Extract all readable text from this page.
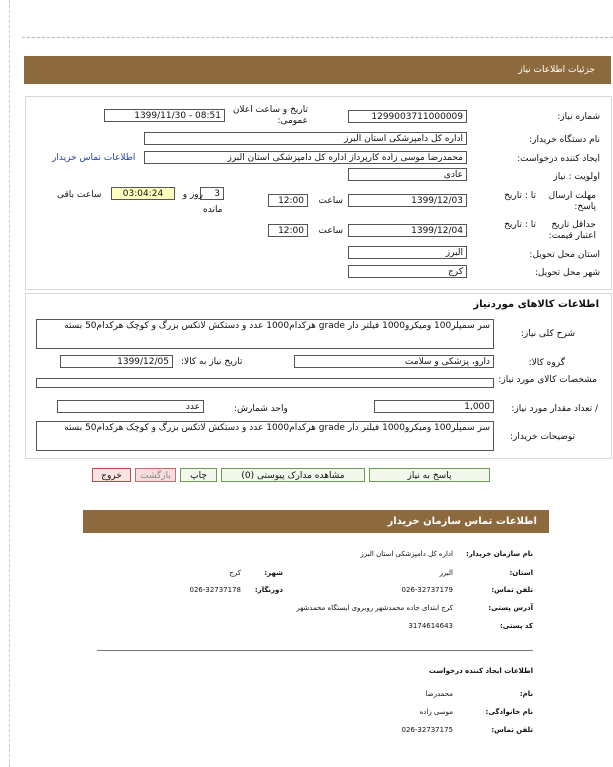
جزئیات اطلاعات نیاز
شماره نیاز:
1299003711000009
تاریخ و ساعت اعلان عمومی:
1399/11/30 - 08:51
نام دستگاه خریدار:
اداره کل دامپزشکی استان البرز
ایجاد کننده درخواست:
محمدرضا موسی زاده کارپرداز اداره کل دامپزشکی استان البرز
اطلاعات تماس خریدار
اولویت : نیاز
عادی
مهلت ارسال پاسخ:
تا : تاریخ
1399/12/03
ساعت
12:00
3
روز و
مانده
03:04:24
ساعت باقی
حداقل تاریخ اعتبار قیمت:
تا : تاریخ
1399/12/04
ساعت
12:00
استان محل تحویل:
البرز
شهر محل تحویل:
کرج
اطلاعات کالاهای موردنیاز
شرح کلی نیاز:
سر سمپلر100 ومیکرو1000 فیلتر دار grade هرکدام1000 عدد و دستکش لاتکس بزرگ و کوچک هرکدام50 بسته
گروه کالا:
دارو، پزشکی و سلامت
تاریخ نیاز به کالا:
1399/12/05
مشخصات کالای مورد نیاز:
/ تعداد مقدار مورد نیاز:
1,000
واحد شمارش:
عدد
توضیحات خریدار:
سر سمپلر100 ومیکرو1000 فیلتر دار grade هرکدام1000 عدد و دستکش لاتکس بزرگ و کوچک هرکدام50 بسته
پاسخ به نیاز
مشاهده مدارک پیوستی (0)
چاپ
بازگشت
خروج
اطلاعات تماس سازمان خریدار
نام سازمان خریدار:
اداره کل دامپزشکی استان البرز
استان:
البرز
شهر:
کرج
تلفن تماس:
026-32737179
دورنگار:
026-32737178
آدرس پستی:
کرج ابتدای جاده محمدشهر روبروی ایستگاه محمدشهر
کد پستی:
3174614643
اطلاعات ایجاد کننده درخواست
نام:
محمدرضا
نام خانوادگی:
موسی زاده
تلفن تماس:
026-32737175
